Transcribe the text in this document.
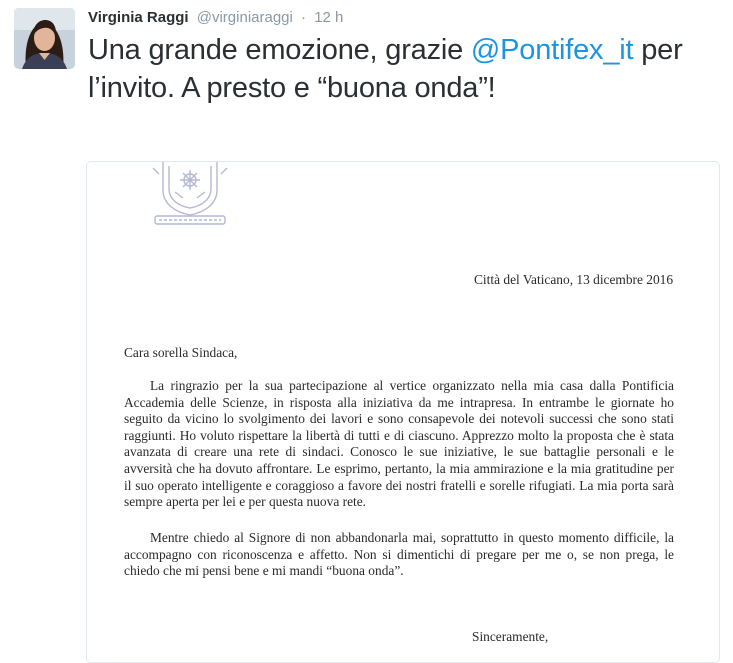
Virginia Raggi @virginiaraggi · 12 h
Una grande emozione, grazie @Pontifex_it per l’invito. A presto e “buona onda”!
Città del Vaticano, 13 dicembre 2016
Cara sorella Sindaca,
La ringrazio per la sua partecipazione al vertice organizzato nella mia casa dalla Pontificia Accademia delle Scienze, in risposta alla iniziativa da me intrapresa. In entrambe le giornate ho seguito da vicino lo svolgimento dei lavori e sono consapevole dei notevoli successi che sono stati raggiunti. Ho voluto rispettare la libertà di tutti e di ciascuno. Apprezzo molto la proposta che è stata avanzata di creare una rete di sindaci. Conosco le sue iniziative, le sue battaglie personali e le avversità che ha dovuto affrontare. Le esprimo, pertanto, la mia ammirazione e la mia gratitudine per il suo operato intelligente e coraggioso a favore dei nostri fratelli e sorelle rifugiati. La mia porta sarà sempre aperta per lei e per questa nuova rete.
Mentre chiedo al Signore di non abbandonarla mai, soprattutto in questo momento difficile, la accompagno con riconoscenza e affetto. Non si dimentichi di pregare per me o, se non prega, le chiedo che mi pensi bene e mi mandi “buona onda”.
Sinceramente,
